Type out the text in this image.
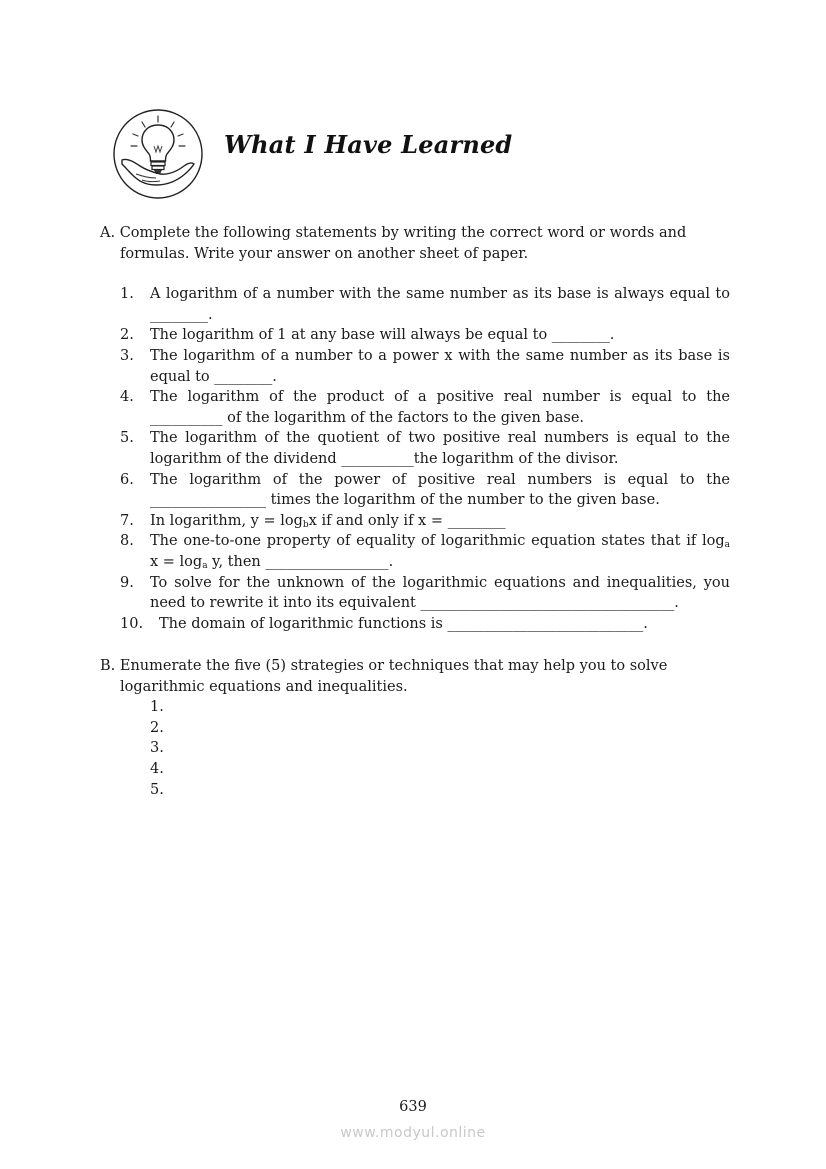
What I Have Learned

A. Complete the following statements by writing the correct word or words and formulas. Write your answer on another sheet of paper.

1. A logarithm of a number with the same number as its base is always equal to ________.
2. The logarithm of 1 at any base will always be equal to ________.
3. The logarithm of a number to a power x with the same number as its base is equal to ________.
4. The logarithm of the product of a positive real number is equal to the __________ of the logarithm of the factors to the given base.
5. The logarithm of the quotient of two positive real numbers is equal to the logarithm of the dividend __________the logarithm of the divisor.
6. The logarithm of the power of positive real numbers is equal to the ________________ times the logarithm of the number to the given base.
7. In logarithm, $y = \log_bx$ if and only if x = ________
8. The one-to-one property of equality of logarithmic equation states that if $\log_a x = \log_a y$, then _________________.
9. To solve for the unknown of the logarithmic equations and inequalities, you need to rewrite it into its equivalent ___________________________________.
10.	The domain of logarithmic functions is ___________________________.

B. Enumerate the five (5) strategies or techniques that may help you to solve logarithmic equations and inequalities.

1.
2.
3.
4.
5.
639
www.modyul.online
